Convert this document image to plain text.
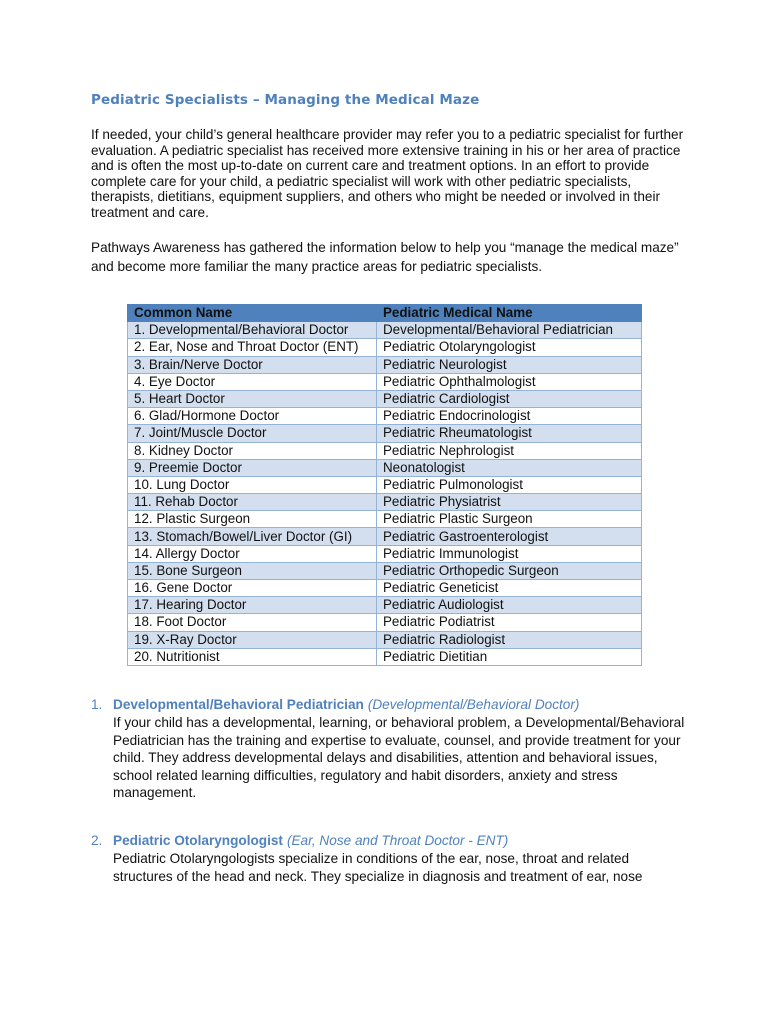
Pediatric Specialists – Managing the Medical Maze
If needed, your child’s general healthcare provider may refer you to a pediatric specialist for further evaluation. A pediatric specialist has received more extensive training in his or her area of practice and is often the most up-to-date on current care and treatment options. In an effort to provide complete care for your child, a pediatric specialist will work with other pediatric specialists, therapists, dietitians, equipment suppliers, and others who might be needed or involved in their treatment and care.
Pathways Awareness has gathered the information below to help you “manage the medical maze” and become more familiar the many practice areas for pediatric specialists.
Common Name	Pediatric Medical Name
1. Developmental/Behavioral Doctor	Developmental/Behavioral Pediatrician
2. Ear, Nose and Throat Doctor (ENT)	Pediatric Otolaryngologist
3. Brain/Nerve Doctor	Pediatric Neurologist
4. Eye Doctor	Pediatric Ophthalmologist
5. Heart Doctor	Pediatric Cardiologist
6. Glad/Hormone Doctor	Pediatric Endocrinologist
7. Joint/Muscle Doctor	Pediatric Rheumatologist
8. Kidney Doctor	Pediatric Nephrologist
9. Preemie Doctor	Neonatologist
10. Lung Doctor	Pediatric Pulmonologist
11. Rehab Doctor	Pediatric Physiatrist
12. Plastic Surgeon	Pediatric Plastic Surgeon
13. Stomach/Bowel/Liver Doctor (GI)	Pediatric Gastroenterologist
14. Allergy Doctor	Pediatric Immunologist
15. Bone Surgeon	Pediatric Orthopedic Surgeon
16. Gene Doctor	Pediatric Geneticist
17. Hearing Doctor	Pediatric Audiologist
18. Foot Doctor	Pediatric Podiatrist
19. X-Ray Doctor	Pediatric Radiologist
20. Nutritionist	Pediatric Dietitian
1. Developmental/Behavioral Pediatrician (Developmental/Behavioral Doctor)
If your child has a developmental, learning, or behavioral problem, a Developmental/Behavioral Pediatrician has the training and expertise to evaluate, counsel, and provide treatment for your child. They address developmental delays and disabilities, attention and behavioral issues, school related learning difficulties, regulatory and habit disorders, anxiety and stress management.
2. Pediatric Otolaryngologist (Ear, Nose and Throat Doctor - ENT)
Pediatric Otolaryngologists specialize in conditions of the ear, nose, throat and related structures of the head and neck. They specialize in diagnosis and treatment of ear, nose
